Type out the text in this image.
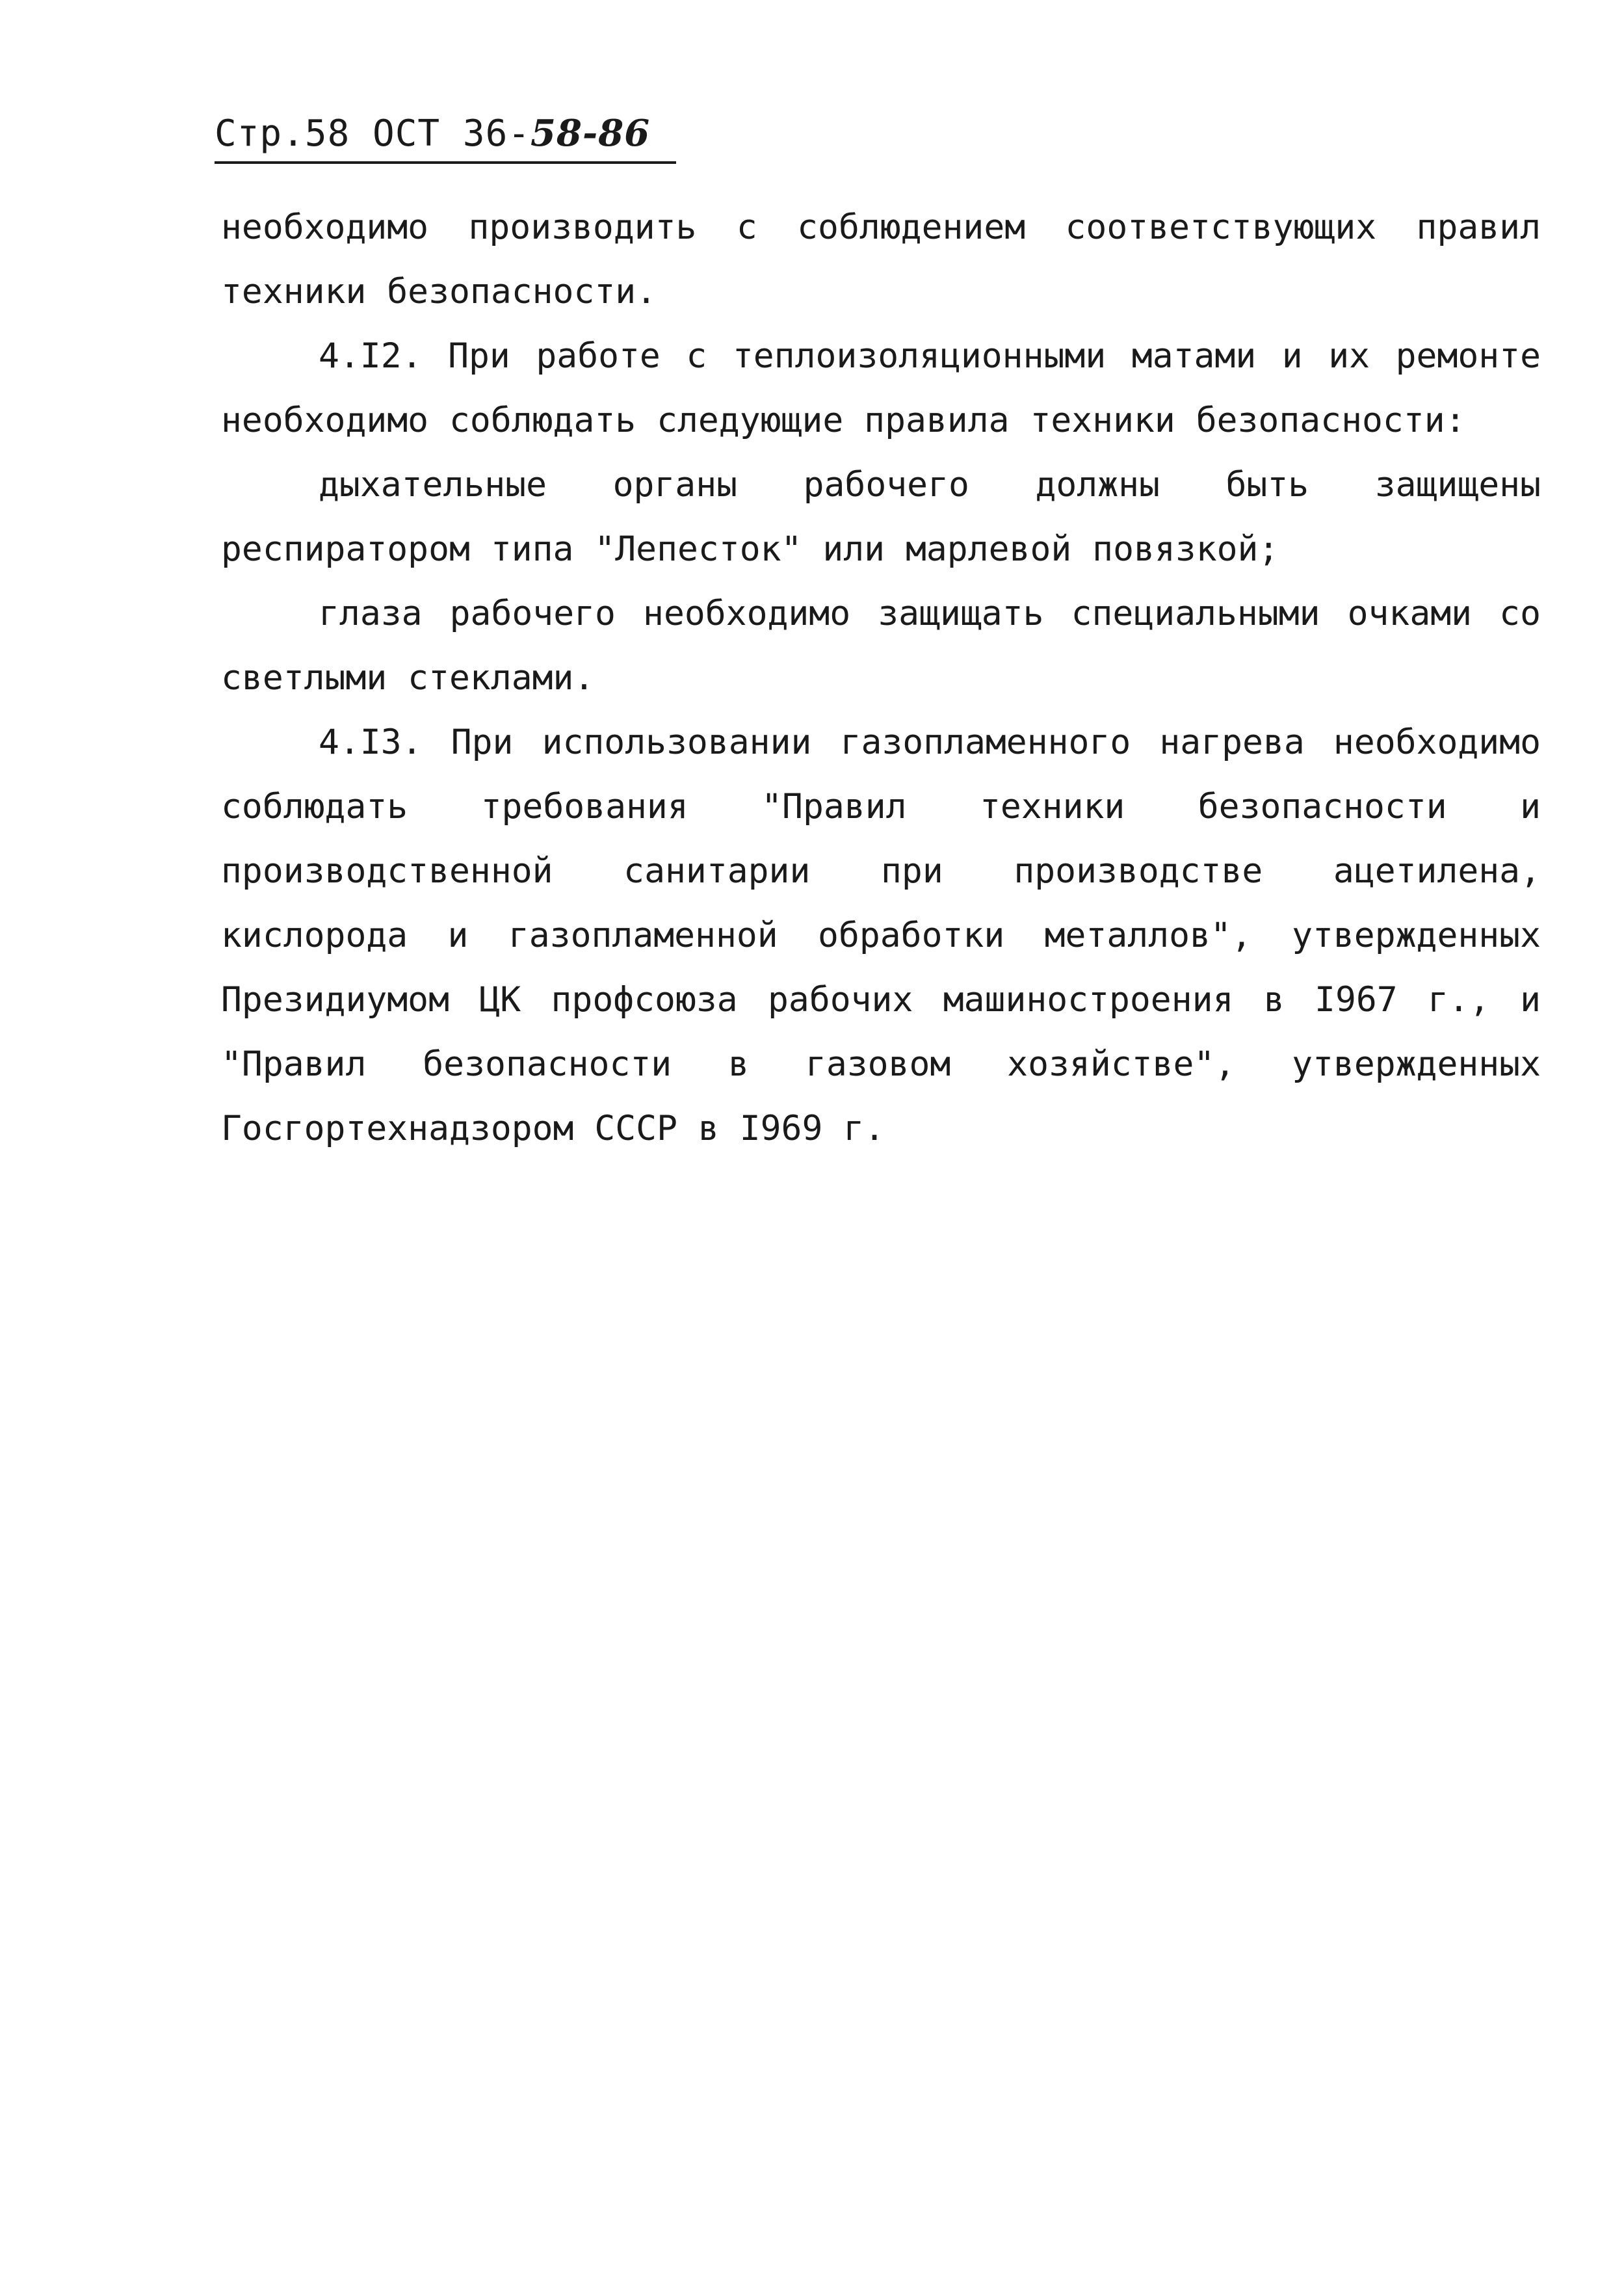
Стр.58 ОСТ 36-58-86

необходимо производить с соблюдением соответствующих правил техники безопасности.

4.I2. При работе с теплоизоляционными матами и их ремонте необходимо соблюдать следующие правила техники безопасности:

дыхательные органы рабочего должны быть защищены респиратором типа "Лепесток" или марлевой повязкой;

глаза рабочего необходимо защищать специальными очками со светлыми стеклами.

4.I3. При использовании газопламенного нагрева необходимо соблюдать требования "Правил техники безопасности и производственной санитарии при производстве ацетилена, кислорода и газопламенной обработки металлов", утвержденных Президиумом ЦК профсоюза рабочих машиностроения в I967 г., и "Правил безопасности в газовом хозяйстве", утвержденных Госгортехнадзором СССР в I969 г.
